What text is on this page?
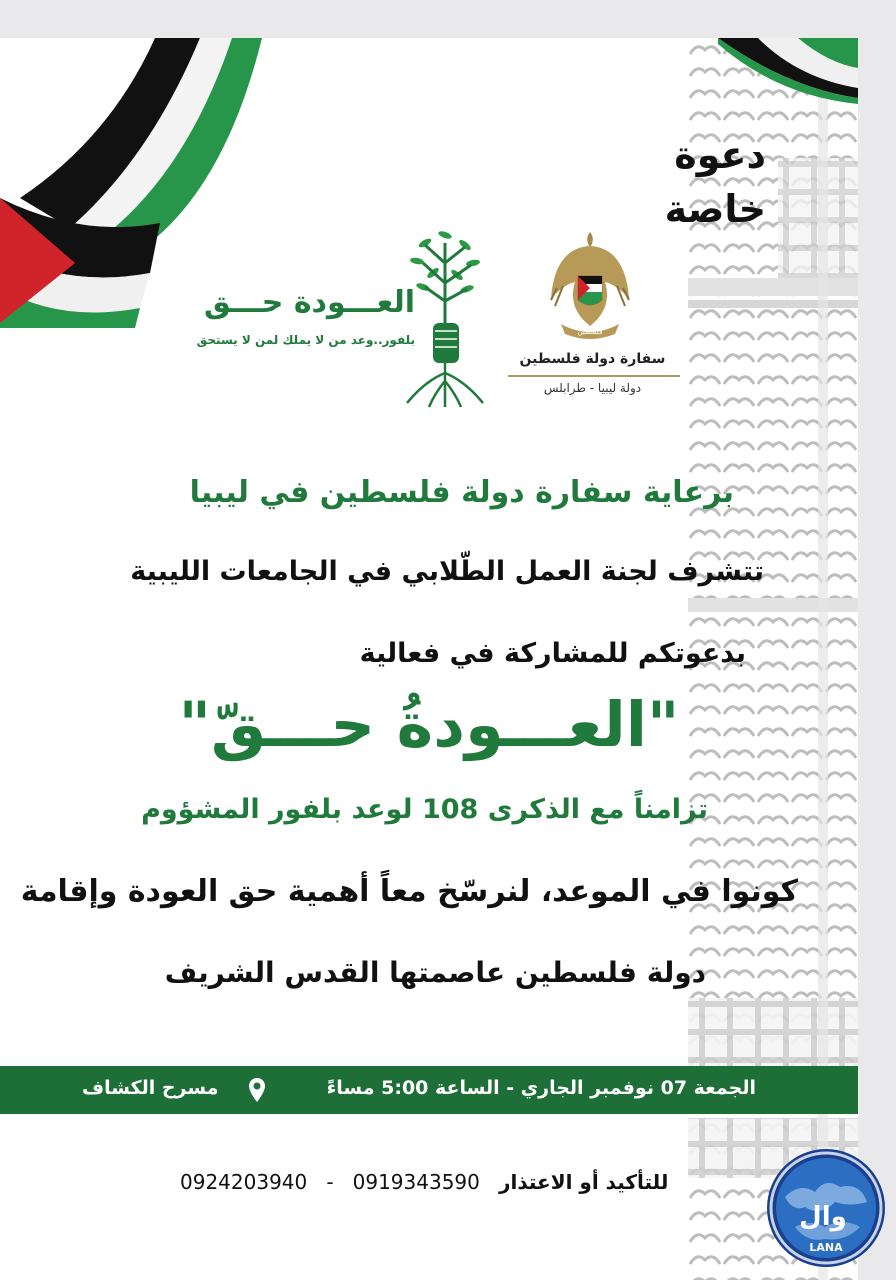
دعوة
خاصة
العـــودة حـــق
بلفور..وعد من لا يملك لمن لا يستحق
فلسطين
سفارة دولة فلسطين
دولة ليبيا - طرابلس
برعاية سفارة دولة فلسطين في ليبيا
تتشرف لجنة العمل الطّلابي في الجامعات الليبية
بدعوتكم للمشاركة في فعالية
"العـــودةُ حـــقّ"
تزامناً مع الذكرى 108 لوعد بلفور المشؤوم
كونوا في الموعد، لنرسّخ معاً أهمية حق العودة وإقامة
دولة فلسطين عاصمتها القدس الشريف
الجمعة 07 نوفمبر الجاري - الساعة 5:00 مساءً
مسرح الكشاف
0924203940 - 0919343590 للتأكيد أو الاعتذار
وال
LANA
